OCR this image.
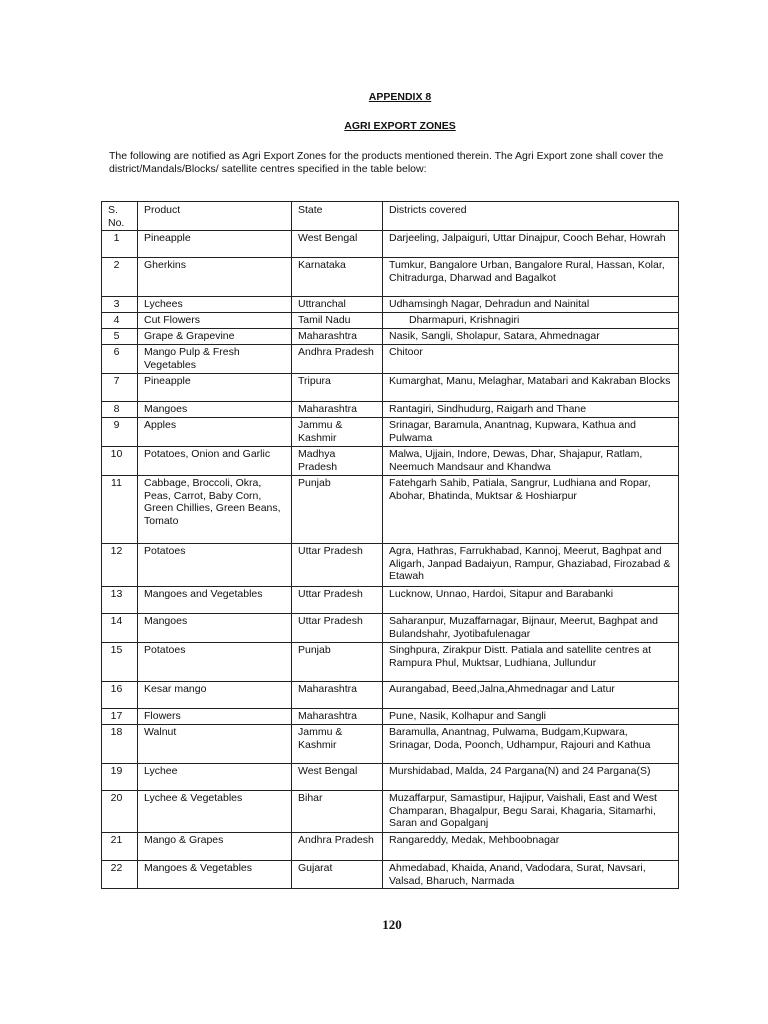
APPENDIX 8
AGRI EXPORT ZONES
The following are notified as Agri Export Zones for the products mentioned therein. The Agri Export zone shall cover the district/Mandals/Blocks/ satellite centres specified in the table below:
S. No.	Product	State	Districts covered
1	Pineapple	West Bengal	Darjeeling, Jalpaiguri, Uttar Dinajpur, Cooch Behar, Howrah
2	Gherkins	Karnataka	Tumkur, Bangalore Urban, Bangalore Rural, Hassan, Kolar, Chitradurga, Dharwad and Bagalkot
3	Lychees	Uttranchal	Udhamsingh Nagar, Dehradun and Nainital
4	Cut Flowers	Tamil Nadu	Dharmapuri, Krishnagiri
5	Grape & Grapevine	Maharashtra	Nasik, Sangli, Sholapur, Satara, Ahmednagar
6	Mango Pulp & Fresh Vegetables	Andhra Pradesh	Chitoor
7	Pineapple	Tripura	Kumarghat, Manu, Melaghar, Matabari and Kakraban Blocks
8	Mangoes	Maharashtra	Rantagiri, Sindhudurg, Raigarh and Thane
9	Apples	Jammu & Kashmir	Srinagar, Baramula, Anantnag, Kupwara, Kathua and Pulwama
10	Potatoes, Onion and Garlic	Madhya Pradesh	Malwa, Ujjain, Indore, Dewas, Dhar, Shajapur, Ratlam, Neemuch Mandsaur and Khandwa
11	Cabbage, Broccoli, Okra, Peas, Carrot, Baby Corn, Green Chillies, Green Beans, Tomato	Punjab	Fatehgarh Sahib, Patiala, Sangrur, Ludhiana and Ropar, Abohar, Bhatinda, Muktsar & Hoshiarpur
12	Potatoes	Uttar Pradesh	Agra, Hathras, Farrukhabad, Kannoj, Meerut, Baghpat and Aligarh, Janpad Badaiyun, Rampur, Ghaziabad, Firozabad & Etawah
13	Mangoes and Vegetables	Uttar Pradesh	Lucknow, Unnao, Hardoi, Sitapur and Barabanki
14	Mangoes	Uttar Pradesh	Saharanpur, Muzaffarnagar, Bijnaur, Meerut, Baghpat and Bulandshahr, Jyotibafulenagar
15	Potatoes	Punjab	Singhpura, Zirakpur Distt. Patiala and satellite centres at Rampura Phul, Muktsar, Ludhiana, Jullundur
16	Kesar mango	Maharashtra	Aurangabad, Beed,Jalna,Ahmednagar and Latur
17	Flowers	Maharashtra	Pune, Nasik, Kolhapur and Sangli
18	Walnut	Jammu & Kashmir	Baramulla, Anantnag, Pulwama, Budgam,Kupwara, Srinagar, Doda, Poonch, Udhampur, Rajouri and Kathua
19	Lychee	West Bengal	Murshidabad, Malda, 24 Pargana(N) and 24 Pargana(S)
20	Lychee & Vegetables	Bihar	Muzaffarpur, Samastipur, Hajipur, Vaishali, East and West Champaran, Bhagalpur, Begu Sarai, Khagaria, Sitamarhi, Saran and Gopalganj
21	Mango & Grapes	Andhra Pradesh	Rangareddy, Medak, Mehboobnagar
22	Mangoes & Vegetables	Gujarat	Ahmedabad, Khaida, Anand, Vadodara, Surat, Navsari, Valsad, Bharuch, Narmada
120
